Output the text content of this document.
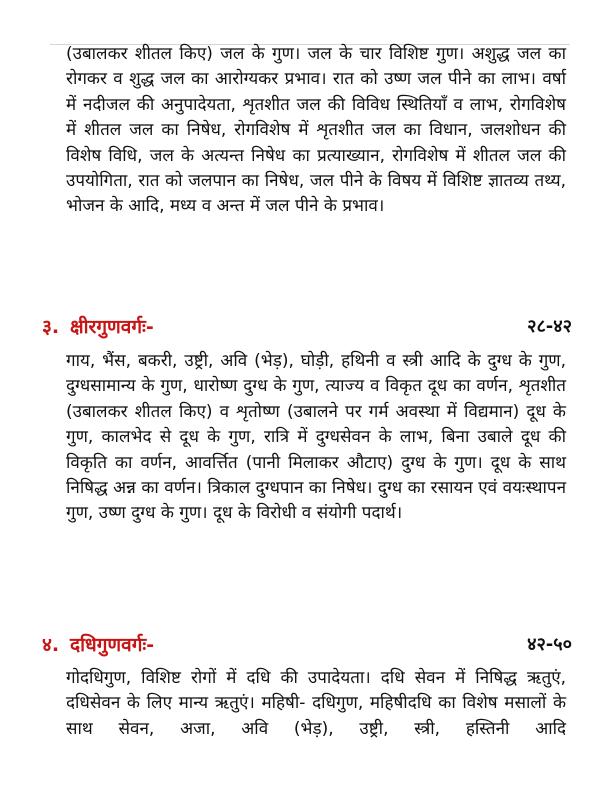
(उबालकर शीतल किए) जल के गुण। जल के चार विशिष्ट गुण। अशुद्ध जल का रोगकर व शुद्ध जल का आरोग्यकर प्रभाव। रात को उष्ण जल पीने का लाभ। वर्षा में नदीजल की अनुपादेयता, शृतशीत जल की विविध स्थितियाँ व लाभ, रोगविशेष में शीतल जल का निषेध, रोगविशेष में शृतशीत जल का विधान, जलशोधन की विशेष विधि, जल के अत्यन्त निषेध का प्रत्याख्यान, रोगविशेष में शीतल जल की उपयोगिता, रात को जलपान का निषेध, जल पीने के विषय में विशिष्ट ज्ञातव्य तथ्य, भोजन के आदि, मध्य व अन्त में जल पीने के प्रभाव।

३. क्षीरगुणवर्गः-	२८-४२

गाय, भैंस, बकरी, उष्ट्री, अवि (भेड़), घोड़ी, हथिनी व स्त्री आदि के दुग्ध के गुण, दुग्धसामान्य के गुण, धारोष्ण दुग्ध के गुण, त्याज्य व विकृत दूध का वर्णन, शृतशीत (उबालकर शीतल किए) व शृतोष्ण (उबालने पर गर्म अवस्था में विद्यमान) दूध के गुण, कालभेद से दूध के गुण, रात्रि में दुग्धसेवन के लाभ, बिना उबाले दूध की विकृति का वर्णन, आवर्त्तित (पानी मिलाकर औटाए) दुग्ध के गुण। दूध के साथ निषिद्ध अन्न का वर्णन। त्रिकाल दुग्धपान का निषेध। दुग्ध का रसायन एवं वयःस्थापन गुण, उष्ण दुग्ध के गुण। दूध के विरोधी व संयोगी पदार्थ।

४. दधिगुणवर्गः-	४२-५०

गोदधिगुण, विशिष्ट रोगों में दधि की उपादेयता। दधि सेवन में निषिद्ध ऋतुएं, दधिसेवन के लिए मान्य ऋतुएं। महिषी- दधिगुण, महिषीदधि का विशेष मसालों के साथ सेवन, अजा, अवि (भेड़), उष्ट्री, स्त्री, हस्तिनी आदि
